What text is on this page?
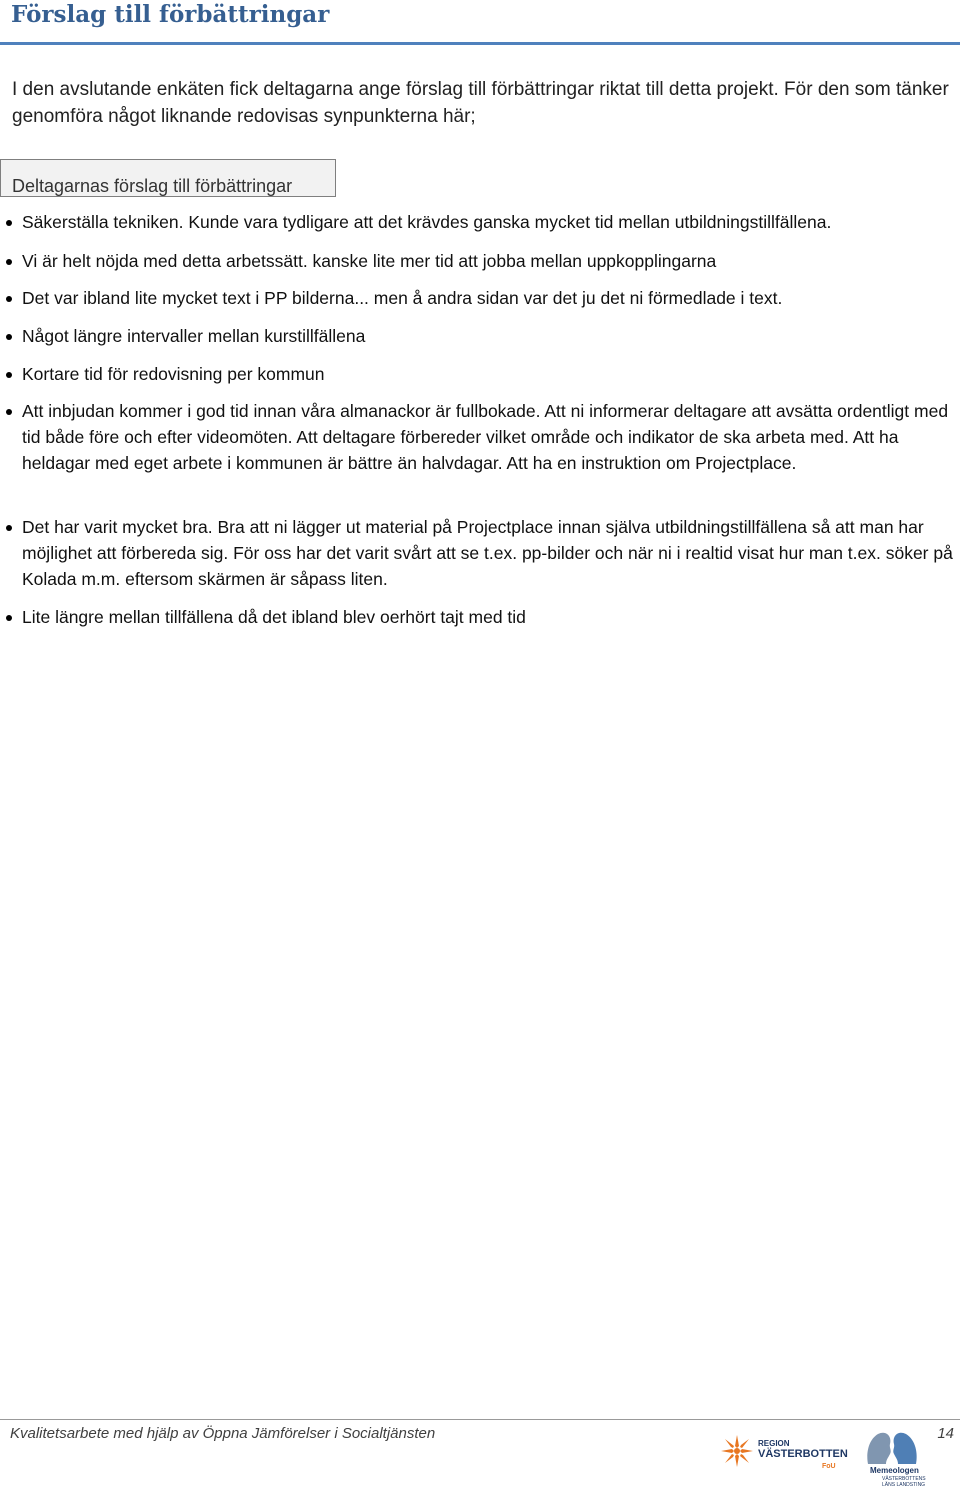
Förslag till förbättringar

I den avslutande enkäten fick deltagarna ange förslag till förbättringar riktat till detta projekt. För den som tänker genomföra något liknande redovisas synpunkterna här;

Deltagarnas förslag till förbättringar
Säkerställa tekniken. Kunde vara tydligare att det krävdes ganska mycket tid mellan utbildningstillfällena.
Vi är helt nöjda med detta arbetssätt. kanske lite mer tid att jobba mellan uppkopplingarna
Det var ibland lite mycket text i PP bilderna... men å andra sidan var det ju det ni förmedlade i text.
Något längre intervaller mellan kurstillfällena
Kortare tid för redovisning per kommun
Att inbjudan kommer i god tid innan våra almanackor är fullbokade. Att ni informerar deltagare att avsätta ordentligt med tid både före och efter videomöten. Att deltagare förbereder vilket område och indikator de ska arbeta med. Att ha heldagar med eget arbete i kommunen är bättre än halvdagar. Att ha en instruktion om Projectplace.
Det har varit mycket bra. Bra att ni lägger ut material på Projectplace innan själva utbildningstillfällena så att man har möjlighet att förbereda sig. För oss har det varit svårt att se t.ex. pp-bilder och när ni i realtid visat hur man t.ex. söker på Kolada m.m. eftersom skärmen är såpass liten.
Lite längre mellan tillfällena då det ibland blev oerhört tajt med tid
Kvalitetsarbete med hjälp av Öppna Jämförelser i Socialtjänsten	14
REGION
VÄSTERBOTTEN
FoU	Memeologen
VÄSTERBOTTENS LÄNS LANDSTING
